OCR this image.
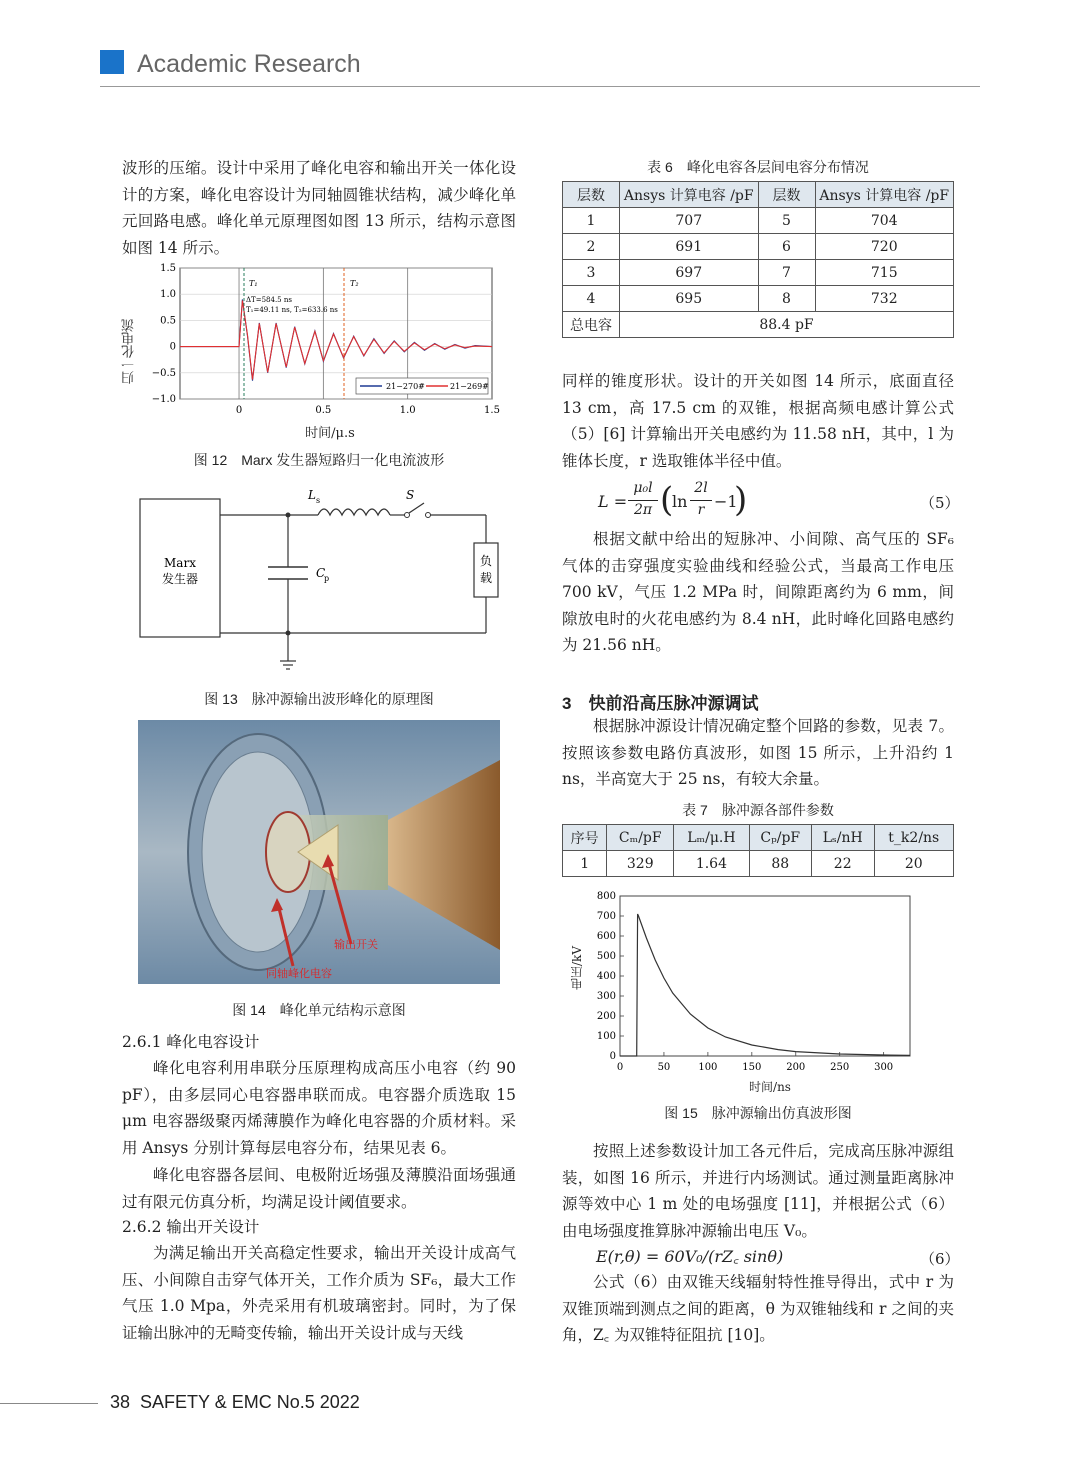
Academic Research

波形的压缩。设计中采用了峰化电容和输出开关一体化设计的方案，峰化电容设计为同轴圆锥状结构，减少峰化单元回路电感。峰化单元原理图如图 13 所示，结构示意图如图 14 所示。

1.5
1.0
0.5
0
−0.5
−1.0
0	0.5	1.0	1.5
T₁	T₂
ΔT=584.5 ns
T₁=49.11 ns, T₂=633.6 ns
21−270#	21−269#
归一化电流
时间/μ.s
图 12　Marx 发生器短路归一化电流波形
Marx
发生器
L s	S
负
载
C
p
图 13　脉冲源输出波形峰化的原理图
输出开关
同轴峰化电容
图 14　峰化单元结构示意图
2.6.1 峰化电容设计

峰化电容利用串联分压原理构成高压小电容（约 90 pF），由多层同心电容器串联而成。电容器介质选取 15 μm 电容器级聚丙烯薄膜作为峰化电容器的介质材料。采用 Ansys 分别计算每层电容分布，结果见表 6。

峰化电容器各层间、电极附近场强及薄膜沿面场强通过有限元仿真分析，均满足设计阈值要求。

2.6.2 输出开关设计

为满足输出开关高稳定性要求，输出开关设计成高气压、小间隙自击穿气体开关，工作介质为 SF₆，最大工作气压 1.0 Mpa，外壳采用有机玻璃密封。同时，为了保证输出脉冲的无畸变传输，输出开关设计成与天线

表 6　峰化电容各层间电容分布情况
层数	Ansys 计算电容 /pF	层数	Ansys 计算电容 /pF
1	707	5	704
2	691	6	720
3	697	7	715
4	695	8	732
总电容	88.4 pF		

同样的锥度形状。设计的开关如图 14 所示，底面直径 13 cm，高 17.5 cm 的双锥，根据高频电感计算公式（5）[6] 计算输出开关电感约为 11.58 nH，其中，l 为锥体长度，r 选取锥体半径中值。

L =
μ₀l
2π (
ln
2l
r −1
)	（5）

根据文献中给出的短脉冲、小间隙、高气压的 SF₆ 气体的击穿强度实验曲线和经验公式，当最高工作电压 700 kV，气压 1.2 MPa 时，间隙距离约为 6 mm，间隙放电时的火花电感约为 8.4 nH，此时峰化回路电感约为 21.56 nH。

3　快前沿高压脉冲源调试

根据脉冲源设计情况确定整个回路的参数，见表 7。按照该参数电路仿真波形，如图 15 所示，上升沿约 1 ns，半高宽大于 25 ns，有较大余量。

表 7　脉冲源各部件参数
序号	Cₘ/pF	Lₘ/μ.H	Cₚ/pF	Lₛ/nH	t_k2/ns
1	329	1.64	88	22	20
800
700
600
500
400
300
200
100
0
0	50	100 150 200 250 300
电压/kV
时间/ns
图 15　脉冲源输出仿真波形图

按照上述参数设计加工各元件后，完成高压脉冲源组装，如图 16 所示，并进行内场测试。通过测量距离脉冲源等效中心 1 m 处的电场强度 [11]，并根据公式（6）由电场强度推算脉冲源输出电压 V₀。

E(r,θ) = 60V₀/(rZ꜀ sinθ)	（6）

公式（6）由双锥天线辐射特性推导得出，式中 r 为双锥顶端到测点之间的距离，θ 为双锥轴线和 r 之间的夹角，Z꜀ 为双锥特征阻抗 [10]。

38 SAFETY & EMC No.5 2022
